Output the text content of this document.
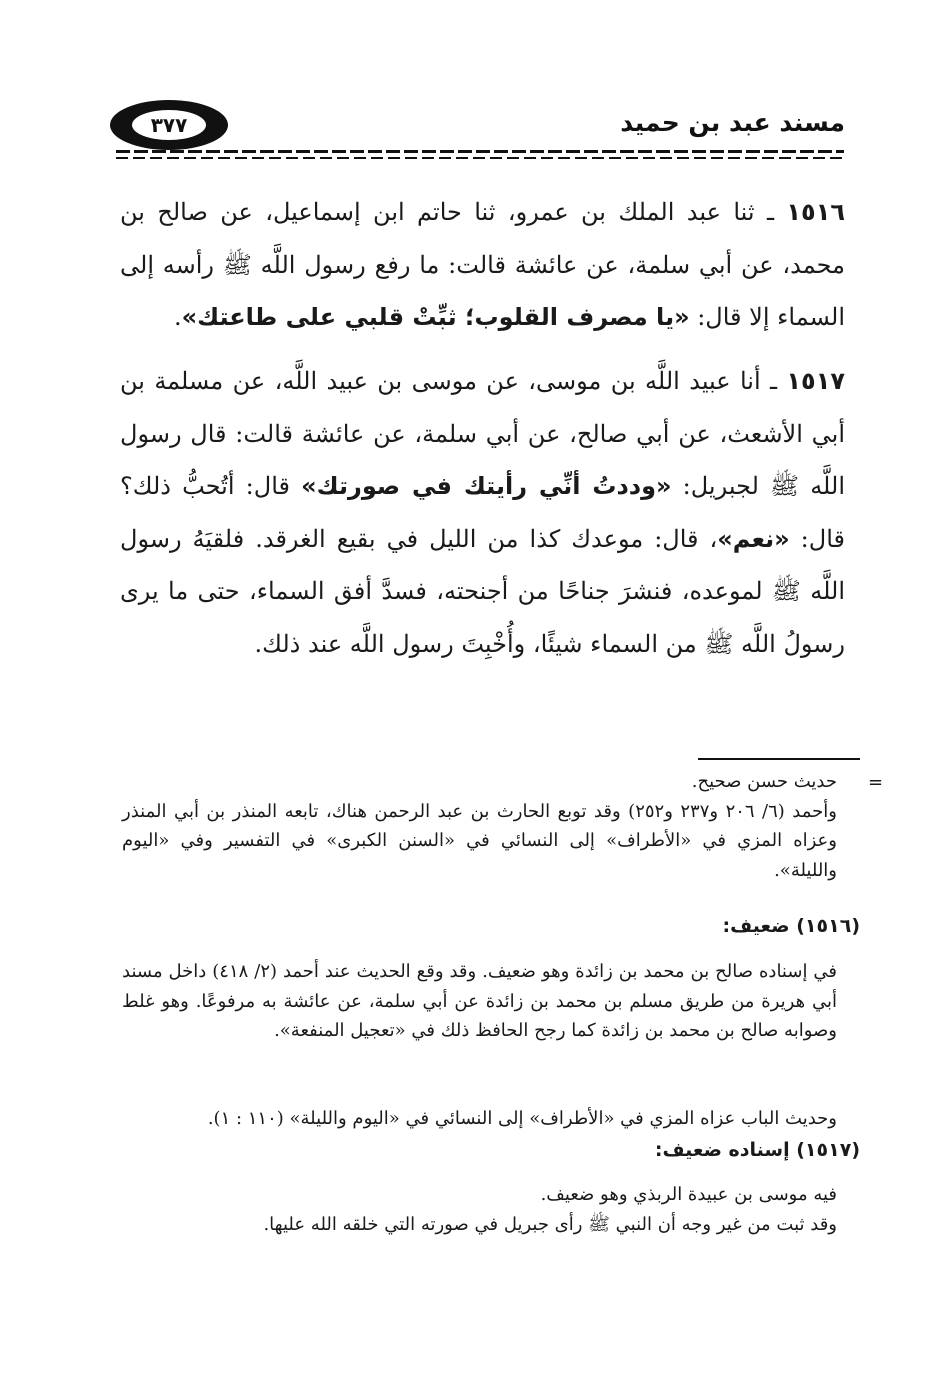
مسند عبد بن حميد
٣٧٧
١٥١٦ ـ ثنا عبد الملك بن عمرو، ثنا حاتم ابن إسماعيل، عن صالح بن محمد، عن أبي سلمة، عن عائشة قالت: ما رفع رسول اللَّه ﷺ رأسه إلى السماء إلا قال: «يا مصرف القلوب؛ ثبِّتْ قلبي على طاعتك».
١٥١٧ ـ أنا عبيد اللَّه بن موسى، عن موسى بن عبيد اللَّه، عن مسلمة بن أبي الأشعث، عن أبي صالح، عن أبي سلمة، عن عائشة قالت: قال رسول اللَّه ﷺ لجبريل: «وددتُ أنِّي رأيتك في صورتك» قال: أتُحبُّ ذلك؟ قال: «نعم»، قال: موعدك كذا من الليل في بقيع الغرقد. فلقيَهُ رسول اللَّه ﷺ لموعده، فنشرَ جناحًا من أجنحته، فسدَّ أفق السماء، حتى ما يرى رسولُ اللَّه ﷺ من السماء شيئًا، وأُخْبِتَ رسول اللَّه عند ذلك.
=

حديث حسن صحيح.

وأحمد (٦/ ٢٠٦ و٢٣٧ و٢٥٢) وقد توبع الحارث بن عبد الرحمن هناك، تابعه المنذر بن أبي المنذر وعزاه المزي في «الأطراف» إلى النسائي في «السنن الكبرى» في التفسير وفي «اليوم والليلة».

(١٥١٦) ضعيف:

في إسناده صالح بن محمد بن زائدة وهو ضعيف. وقد وقع الحديث عند أحمد (٢/ ٤١٨) داخل مسند أبي هريرة من طريق مسلم بن محمد بن زائدة عن أبي سلمة، عن عائشة به مرفوعًا. وهو غلط وصوابه صالح بن محمد بن زائدة كما رجح الحافظ ذلك في «تعجيل المنفعة».

وحديث الباب عزاه المزي في «الأطراف» إلى النسائي في «اليوم والليلة» (١١٠ : ١).

(١٥١٧) إسناده ضعيف:

فيه موسى بن عبيدة الربذي وهو ضعيف.

وقد ثبت من غير وجه أن النبي ﷺ رأى جبريل في صورته التي خلقه الله عليها.
